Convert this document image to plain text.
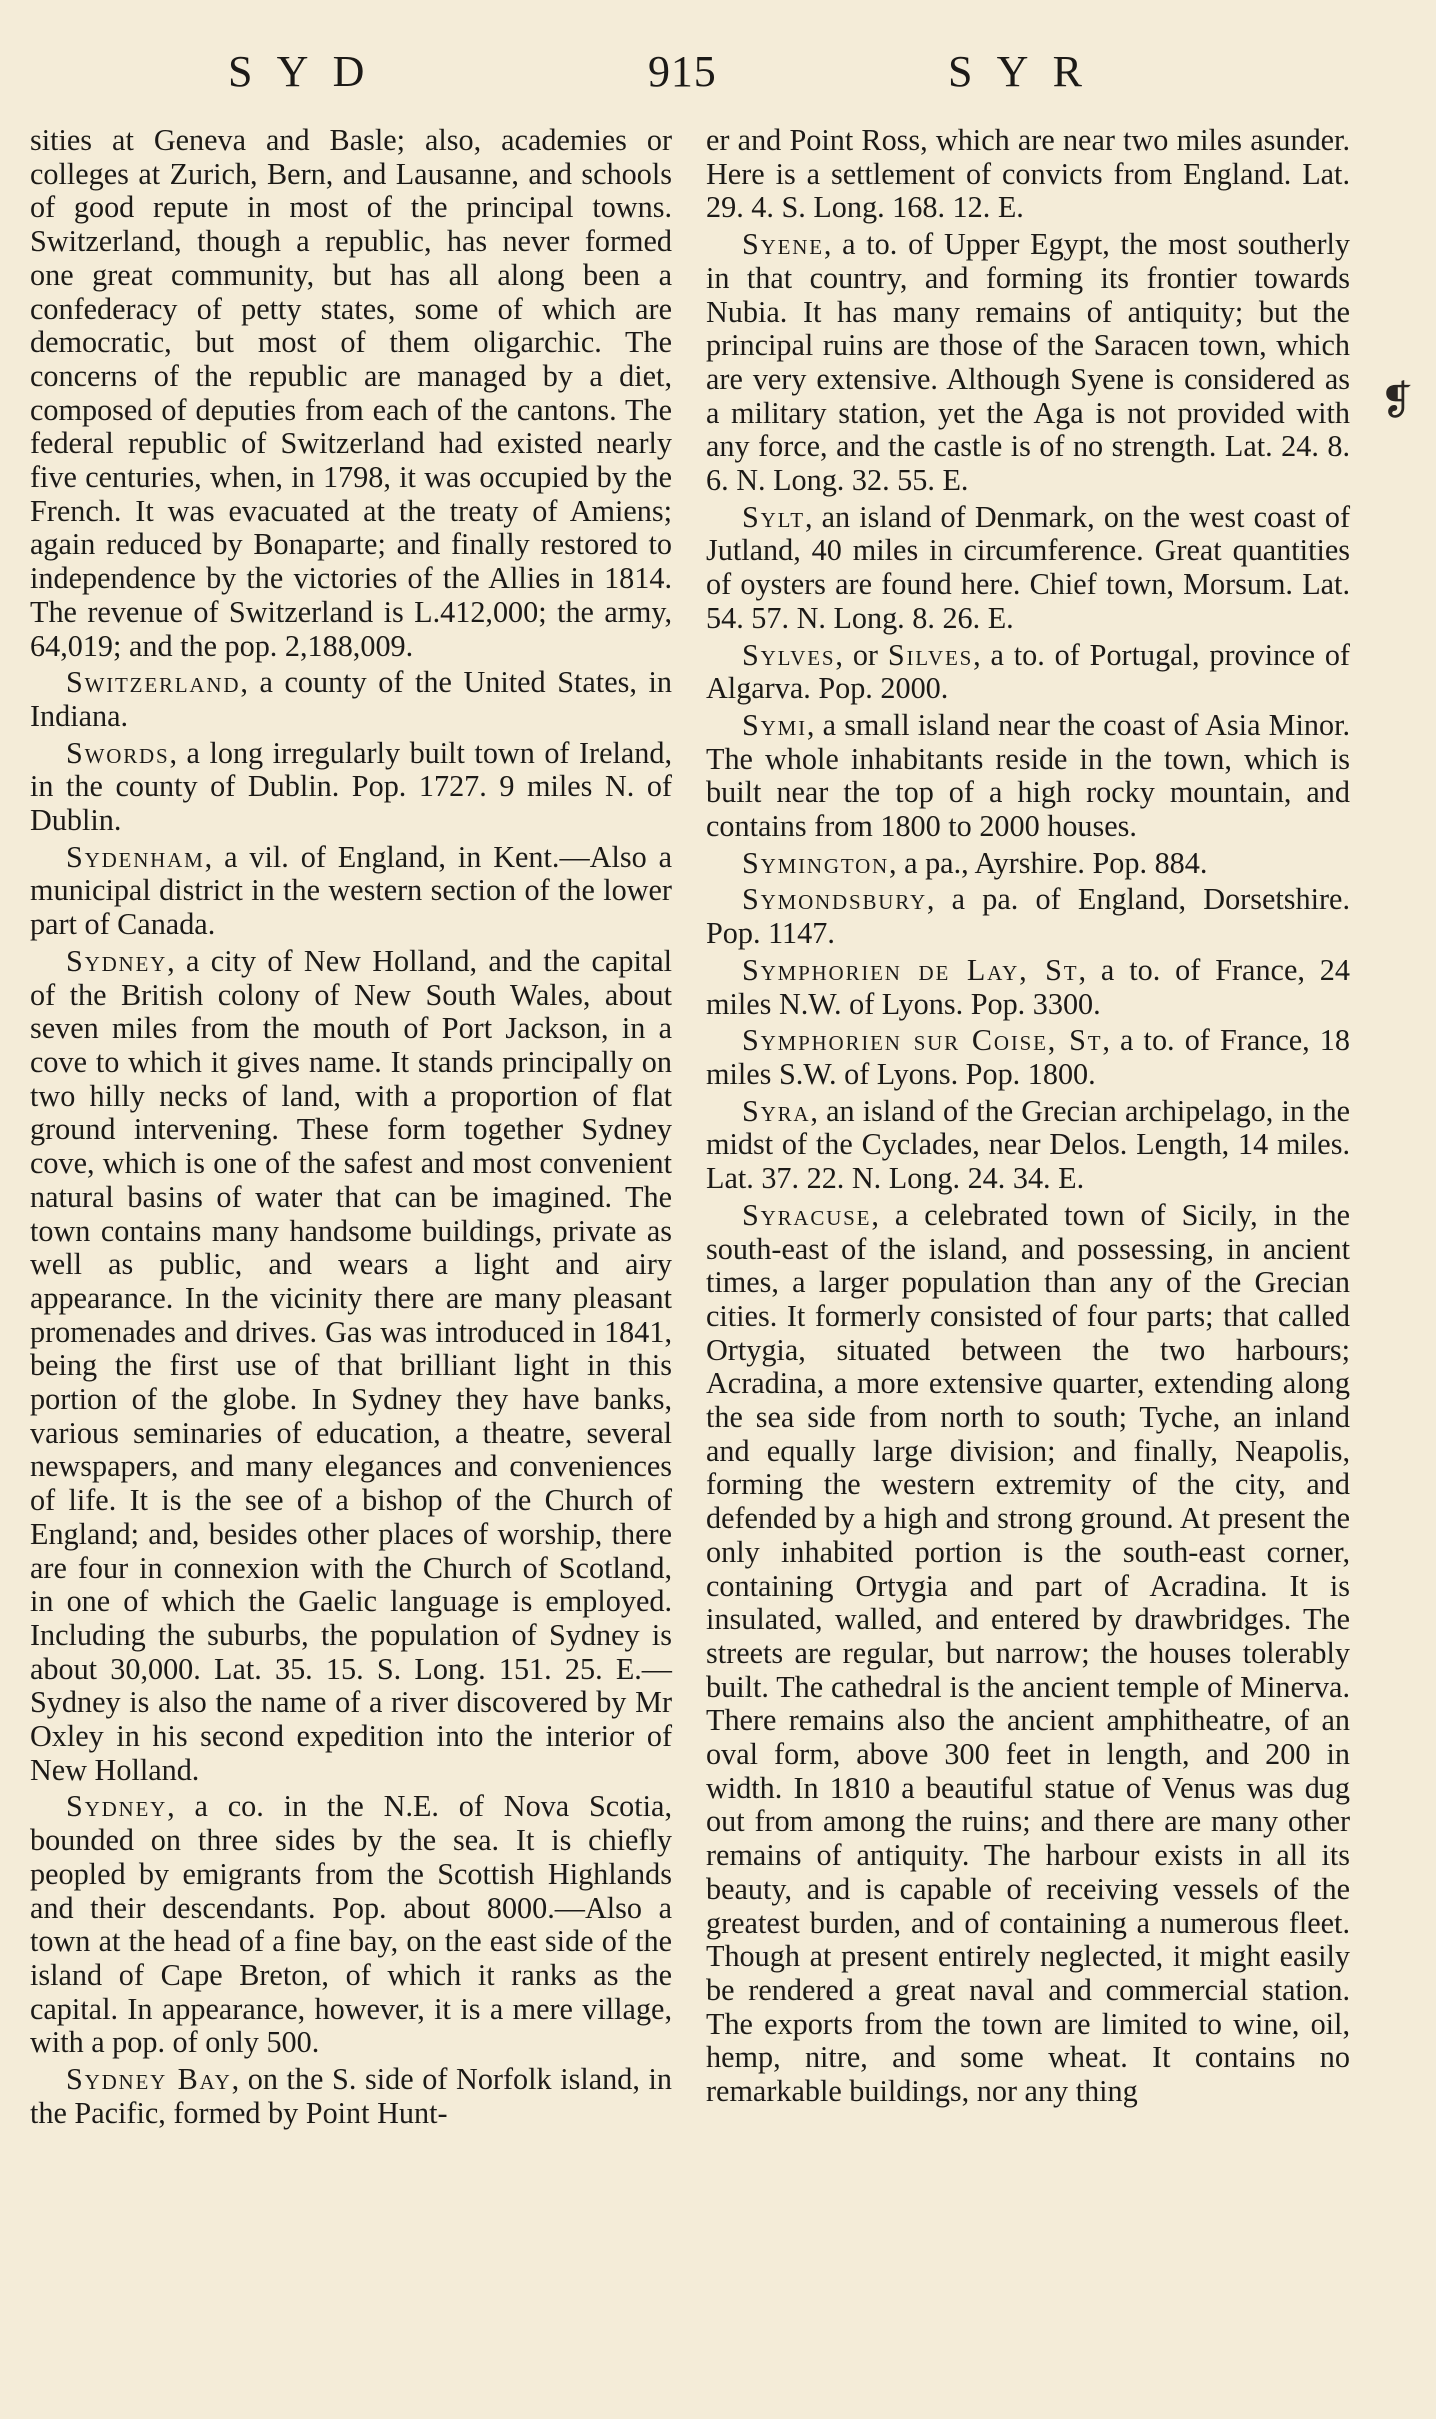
SYD	915	SYR

sities at Geneva and Basle; also, academies or colleges at Zurich, Bern, and Lausanne, and schools of good repute in most of the principal towns. Switzerland, though a republic, has never formed one great community, but has all along been a confederacy of petty states, some of which are democratic, but most of them oligarchic. The concerns of the republic are managed by a diet, composed of deputies from each of the cantons. The federal republic of Switzerland had existed nearly five centuries, when, in 1798, it was occupied by the French. It was evacuated at the treaty of Amiens; again reduced by Bonaparte; and finally restored to independence by the victories of the Allies in 1814. The revenue of Switzerland is L.412,000; the army, 64,019; and the pop. 2,188,009.

Switzerland, a county of the United States, in Indiana.

Swords, a long irregularly built town of Ireland, in the county of Dublin. Pop. 1727. 9 miles N. of Dublin.

Sydenham, a vil. of England, in Kent.—Also a municipal district in the western section of the lower part of Canada.

Sydney, a city of New Holland, and the capital of the British colony of New South Wales, about seven miles from the mouth of Port Jackson, in a cove to which it gives name. It stands principally on two hilly necks of land, with a proportion of flat ground intervening. These form together Sydney cove, which is one of the safest and most convenient natural basins of water that can be imagined. The town contains many handsome buildings, private as well as public, and wears a light and airy appearance. In the vicinity there are many pleasant promenades and drives. Gas was introduced in 1841, being the first use of that brilliant light in this portion of the globe. In Sydney they have banks, various seminaries of education, a theatre, several newspapers, and many elegances and conveniences of life. It is the see of a bishop of the Church of England; and, besides other places of worship, there are four in connexion with the Church of Scotland, in one of which the Gaelic language is employed. Including the suburbs, the population of Sydney is about 30,000. Lat. 35. 15. S. Long. 151. 25. E.—Sydney is also the name of a river discovered by Mr Oxley in his second expedition into the interior of New Holland.

Sydney, a co. in the N.E. of Nova Scotia, bounded on three sides by the sea. It is chiefly peopled by emigrants from the Scottish Highlands and their descendants. Pop. about 8000.—Also a town at the head of a fine bay, on the east side of the island of Cape Breton, of which it ranks as the capital. In appearance, however, it is a mere village, with a pop. of only 500.

Sydney Bay, on the S. side of Norfolk island, in the Pacific, formed by Point Hunt-

er and Point Ross, which are near two miles asunder. Here is a settlement of convicts from England. Lat. 29. 4. S. Long. 168. 12. E.

Syene, a to. of Upper Egypt, the most southerly in that country, and forming its frontier towards Nubia. It has many remains of antiquity; but the principal ruins are those of the Saracen town, which are very extensive. Although Syene is considered as a military station, yet the Aga is not provided with any force, and the castle is of no strength. Lat. 24. 8. 6. N. Long. 32. 55. E.

Sylt, an island of Denmark, on the west coast of Jutland, 40 miles in circumference. Great quantities of oysters are found here. Chief town, Morsum. Lat. 54. 57. N. Long. 8. 26. E.

Sylves, or Silves, a to. of Portugal, province of Algarva. Pop. 2000.

Symi, a small island near the coast of Asia Minor. The whole inhabitants reside in the town, which is built near the top of a high rocky mountain, and contains from 1800 to 2000 houses.

Symington, a pa., Ayrshire. Pop. 884.

Symondsbury, a pa. of England, Dorsetshire. Pop. 1147.

Symphorien de Lay, St, a to. of France, 24 miles N.W. of Lyons. Pop. 3300.

Symphorien sur Coise, St, a to. of France, 18 miles S.W. of Lyons. Pop. 1800.

Syra, an island of the Grecian archipelago, in the midst of the Cyclades, near Delos. Length, 14 miles. Lat. 37. 22. N. Long. 24. 34. E.

Syracuse, a celebrated town of Sicily, in the south-east of the island, and possessing, in ancient times, a larger population than any of the Grecian cities. It formerly consisted of four parts; that called Ortygia, situated between the two harbours; Acradina, a more extensive quarter, extending along the sea side from north to south; Tyche, an inland and equally large division; and finally, Neapolis, forming the western extremity of the city, and defended by a high and strong ground. At present the only inhabited portion is the south-east corner, containing Ortygia and part of Acradina. It is insulated, walled, and entered by drawbridges. The streets are regular, but narrow; the houses tolerably built. The cathedral is the ancient temple of Minerva. There remains also the ancient amphitheatre, of an oval form, above 300 feet in length, and 200 in width. In 1810 a beautiful statue of Venus was dug out from among the ruins; and there are many other remains of antiquity. The harbour exists in all its beauty, and is capable of receiving vessels of the greatest burden, and of containing a numerous fleet. Though at present entirely neglected, it might easily be rendered a great naval and commercial station. The exports from the town are limited to wine, oil, hemp, nitre, and some wheat. It contains no remarkable buildings, nor any thing

❡
